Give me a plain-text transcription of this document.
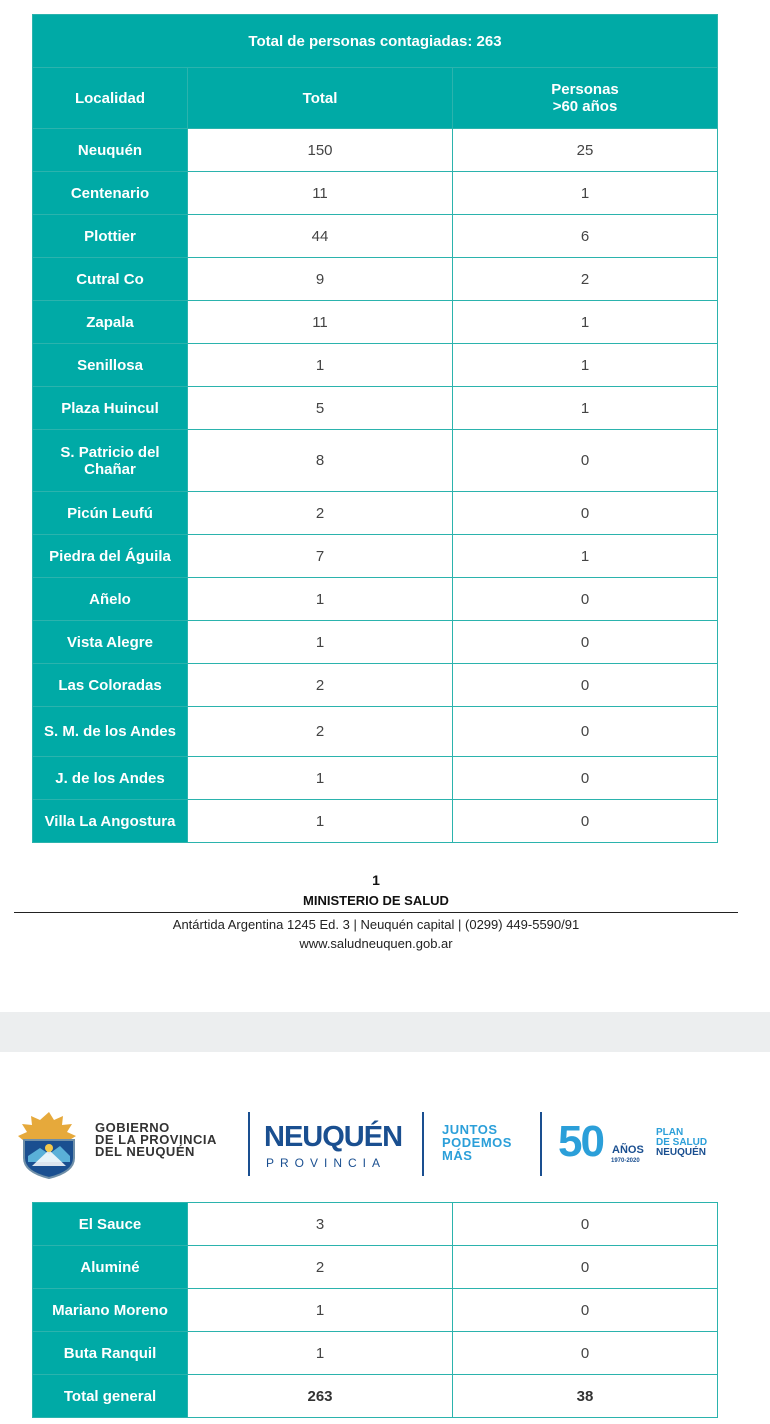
Total de personas contagiadas: 263		
Localidad	Total	Personas
>60 años
Neuquén	150	25
Centenario	11	1
Plottier	44	6
Cutral Co	9	2
Zapala	11	1
Senillosa	1	1
Plaza Huincul	5	1
S. Patricio del Chañar	8	0
Picún Leufú	2	0
Piedra del Águila	7	1
Añelo	1	0
Vista Alegre	1	0
Las Coloradas	2	0
S. M. de los Andes	2	0
J. de los Andes	1	0
Villa La Angostura	1	0
1
MINISTERIO DE SALUD
Antártida Argentina 1245 Ed. 3 | Neuquén capital | (0299) 449-5590/91
www.saludneuquen.gob.ar
GOBIERNO
DE LA PROVINCIA
DEL NEUQUÉN	NEUQUÉN
PROVINCIA
JUNTOS
PODEMOS
MÁS	50 AÑOS
1970-2020
PLAN
DE SALUD
NEUQUÉN
El Sauce	3	0
Aluminé	2	0
Mariano Moreno	1	0
Buta Ranquil	1	0
Total general	263	38
